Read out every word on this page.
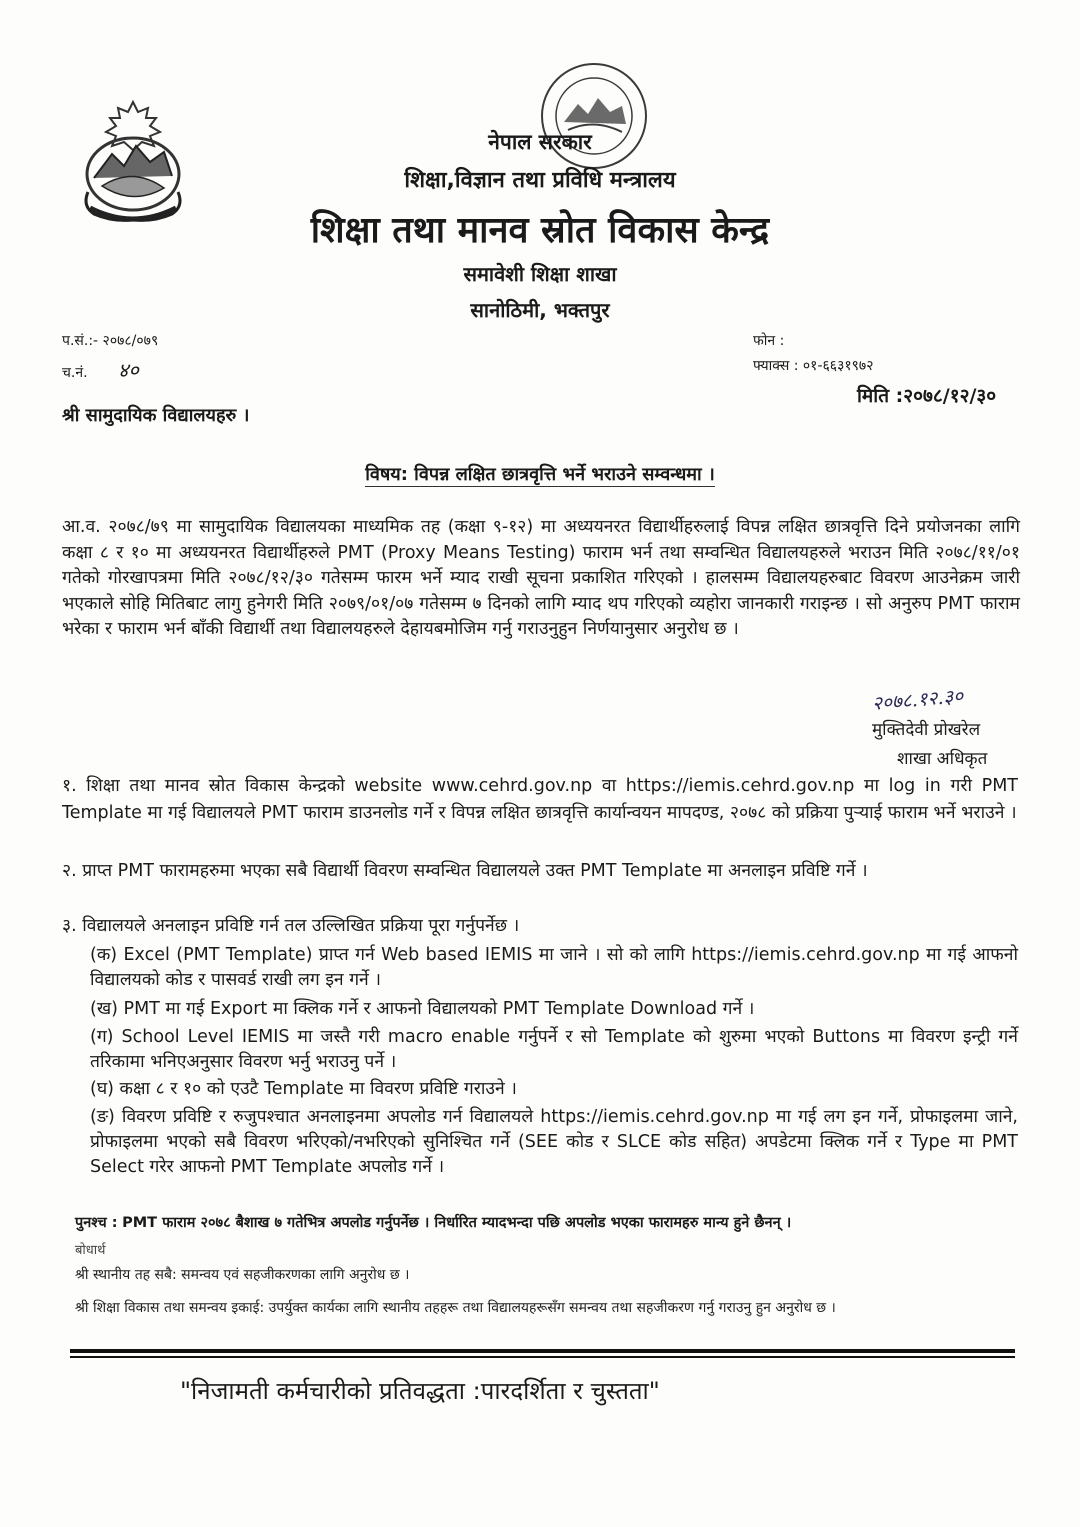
नेपाल सरकार
शिक्षा,विज्ञान तथा प्रविधि मन्त्रालय
शिक्षा तथा मानव स्रोत विकास केन्द्र
समावेशी शिक्षा शाखा
सानोठिमी, भक्तपुर
प.सं.:- २०७८/०७९
च.नं. ४०
फोन :
फ्याक्स : ०१-६६३१९७२
मिति :२०७८/१२/३०
श्री सामुदायिक विद्यालयहरु ।
विषय: विपन्न लक्षित छात्रवृत्ति भर्ने भराउने सम्वन्धमा ।
आ.व. २०७८/७९ मा सामुदायिक विद्यालयका माध्यमिक तह (कक्षा ९-१२) मा अध्ययनरत विद्यार्थीहरुलाई विपन्न लक्षित छात्रवृत्ति दिने प्रयोजनका लागि कक्षा ८ र १० मा अध्ययनरत विद्यार्थीहरुले PMT (Proxy Means Testing) फाराम भर्न तथा सम्वन्धित विद्यालयहरुले भराउन मिति २०७८/११/०१ गतेको गोरखापत्रमा मिति २०७८/१२/३० गतेसम्म फारम भर्ने म्याद राखी सूचना प्रकाशित गरिएको । हालसम्म विद्यालयहरुबाट विवरण आउनेक्रम जारी भएकाले सोहि मितिबाट लागु हुनेगरी मिति २०७९/०१/०७ गतेसम्म ७ दिनको लागि म्याद थप गरिएको व्यहोरा जानकारी गराइन्छ । सो अनुरुप PMT फाराम भरेका र फाराम भर्न बाँकी विद्यार्थी तथा विद्यालयहरुले देहायबमोजिम गर्नु गराउनुहुन निर्णयानुसार अनुरोध छ ।
२०७८.१२.३०
मुक्तिदेवी प्रोखरेल
शाखा अधिकृत
१. शिक्षा तथा मानव स्रोत विकास केन्द्रको website www.cehrd.gov.np वा https://iemis.cehrd.gov.np मा log in गरी PMT Template मा गई विद्यालयले PMT फाराम डाउनलोड गर्ने र विपन्न लक्षित छात्रवृत्ति कार्यान्वयन मापदण्ड, २०७८ को प्रक्रिया पुऱ्याई फाराम भर्ने भराउने ।
२. प्राप्त PMT फारामहरुमा भएका सबै विद्यार्थी विवरण सम्वन्धित विद्यालयले उक्त PMT Template मा अनलाइन प्रविष्टि गर्ने ।
३. विद्यालयले अनलाइन प्रविष्टि गर्न तल उल्लिखित प्रक्रिया पूरा गर्नुपर्नेछ ।
(क) Excel (PMT Template) प्राप्त गर्न Web based IEMIS मा जाने । सो को लागि https://iemis.cehrd.gov.np मा गई आफनो विद्यालयको कोड र पासवर्ड राखी लग इन गर्ने ।
(ख) PMT मा गई Export मा क्लिक गर्ने र आफनो विद्यालयको PMT Template Download गर्ने ।
(ग) School Level IEMIS मा जस्तै गरी macro enable गर्नुपर्ने र सो Template को शुरुमा भएको Buttons मा विवरण इन्ट्री गर्ने तरिकामा भनिएअनुसार विवरण भर्नु भराउनु पर्ने ।
(घ) कक्षा ८ र १० को एउटै Template मा विवरण प्रविष्टि गराउने ।
(ङ) विवरण प्रविष्टि र रुजुपश्चात अनलाइनमा अपलोड गर्न विद्यालयले https://iemis.cehrd.gov.np मा गई लग इन गर्ने, प्रोफाइलमा जाने, प्रोफाइलमा भएको सबै विवरण भरिएको/नभरिएको सुनिश्चित गर्ने (SEE कोड र SLCE कोड सहित) अपडेटमा क्लिक गर्ने र Type मा PMT Select गरेर आफनो PMT Template अपलोड गर्ने ।
पुनश्च : PMT फाराम २०७८ बैशाख ७ गतेभित्र अपलोड गर्नुपर्नेछ । निर्धारित म्यादभन्दा पछि अपलोड भएका फारामहरु मान्य हुने छैनन् ।
बोधार्थ
श्री स्थानीय तह सबै: समन्वय एवं सहजीकरणका लागि अनुरोध छ ।
श्री शिक्षा विकास तथा समन्वय इकाई: उपर्युक्त कार्यका लागि स्थानीय तहहरू तथा विद्यालयहरूसँग समन्वय तथा सहजीकरण गर्नु गराउनु हुन अनुरोध छ ।
"निजामती कर्मचारीको प्रतिवद्धता :पारदर्शिता र चुस्तता"
